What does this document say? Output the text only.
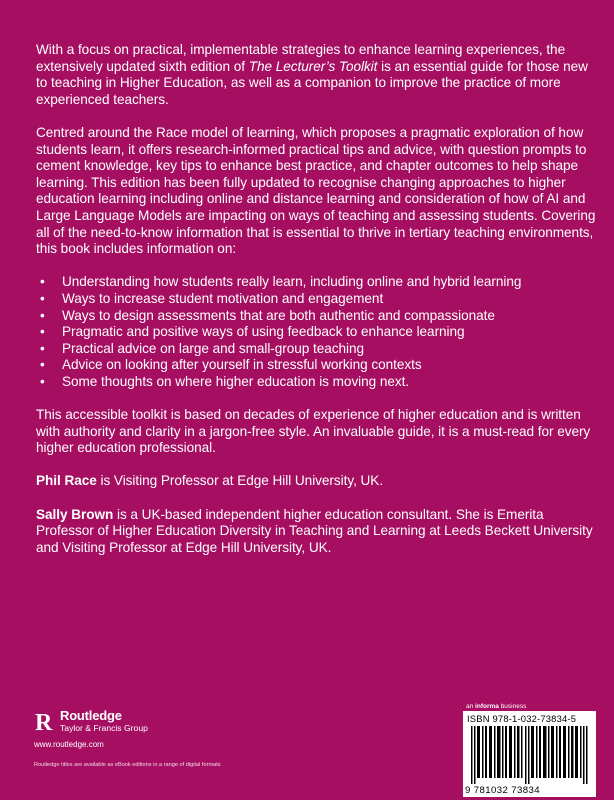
With a focus on practical, implementable strategies to enhance learning experiences, the extensively updated sixth edition of The Lecturer’s Toolkit is an essential guide for those new to teaching in Higher Education, as well as a companion to improve the practice of more experienced teachers.

Centred around the Race model of learning, which proposes a pragmatic exploration of how students learn, it offers research-informed practical tips and advice, with question prompts to cement knowledge, key tips to enhance best practice, and chapter outcomes to help shape learning. This edition has been fully updated to recognise changing approaches to higher education learning including online and distance learning and consideration of how of AI and Large Language Models are impacting on ways of teaching and assessing students. Covering all of the need-to-know information that is essential to thrive in tertiary teaching environments, this book includes information on:

• Understanding how students really learn, including online and hybrid learning
• Ways to increase student motivation and engagement
• Ways to design assessments that are both authentic and compassionate
• Pragmatic and positive ways of using feedback to enhance learning
• Practical advice on large and small-group teaching
• Advice on looking after yourself in stressful working contexts
• Some thoughts on where higher education is moving next.

This accessible toolkit is based on decades of experience of higher education and is written with authority and clarity in a jargon-free style. An invaluable guide, it is a must-read for every higher education professional.

Phil Race is Visiting Professor at Edge Hill University, UK.

Sally Brown is a UK-based independent higher education consultant. She is Emerita Professor of Higher Education Diversity in Teaching and Learning at Leeds Beckett University and Visiting Professor at Edge Hill University, UK.

R Routledge
Taylor & Francis Group
www.routledge.com
Routledge titles are available as eBook editions in a range of digital formats
an informa business
ISBN 978-1-032-73834-5
9 781032 73834
